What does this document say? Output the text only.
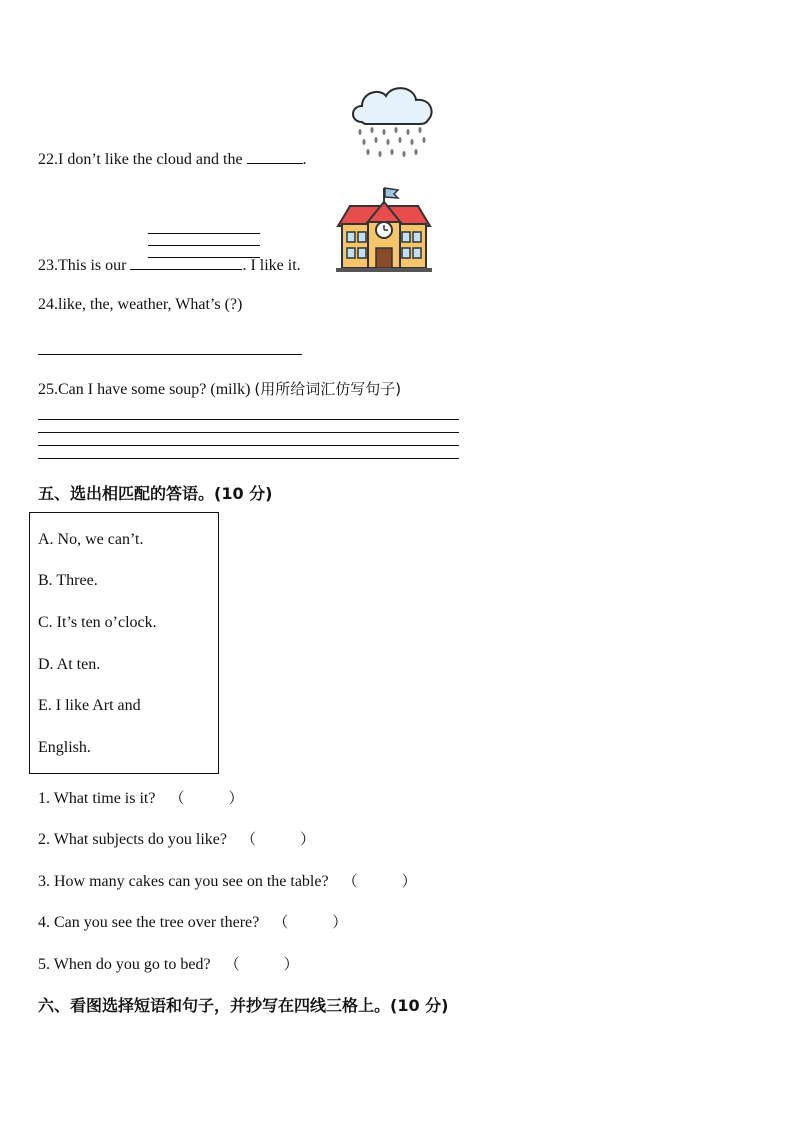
22.I don’t like the cloud and the	.
23.This is our	. I like it.
24.like, the, weather, What’s (?)
25.Can I have some soup? (milk) (用所给词汇仿写句子)
五、选出相匹配的答语。(10 分)
A. No, we can’t.
B. Three.
C. It’s ten o’clock.
D. At ten.
E. I like Art and
English.
1. What time is it? （	）
2. What subjects do you like? （	）
3. How many cakes can you see on the table? （	）
4. Can you see the tree over there? （	）
5. When do you go to bed? （	）
六、看图选择短语和句子，并抄写在四线三格上。(10 分)
